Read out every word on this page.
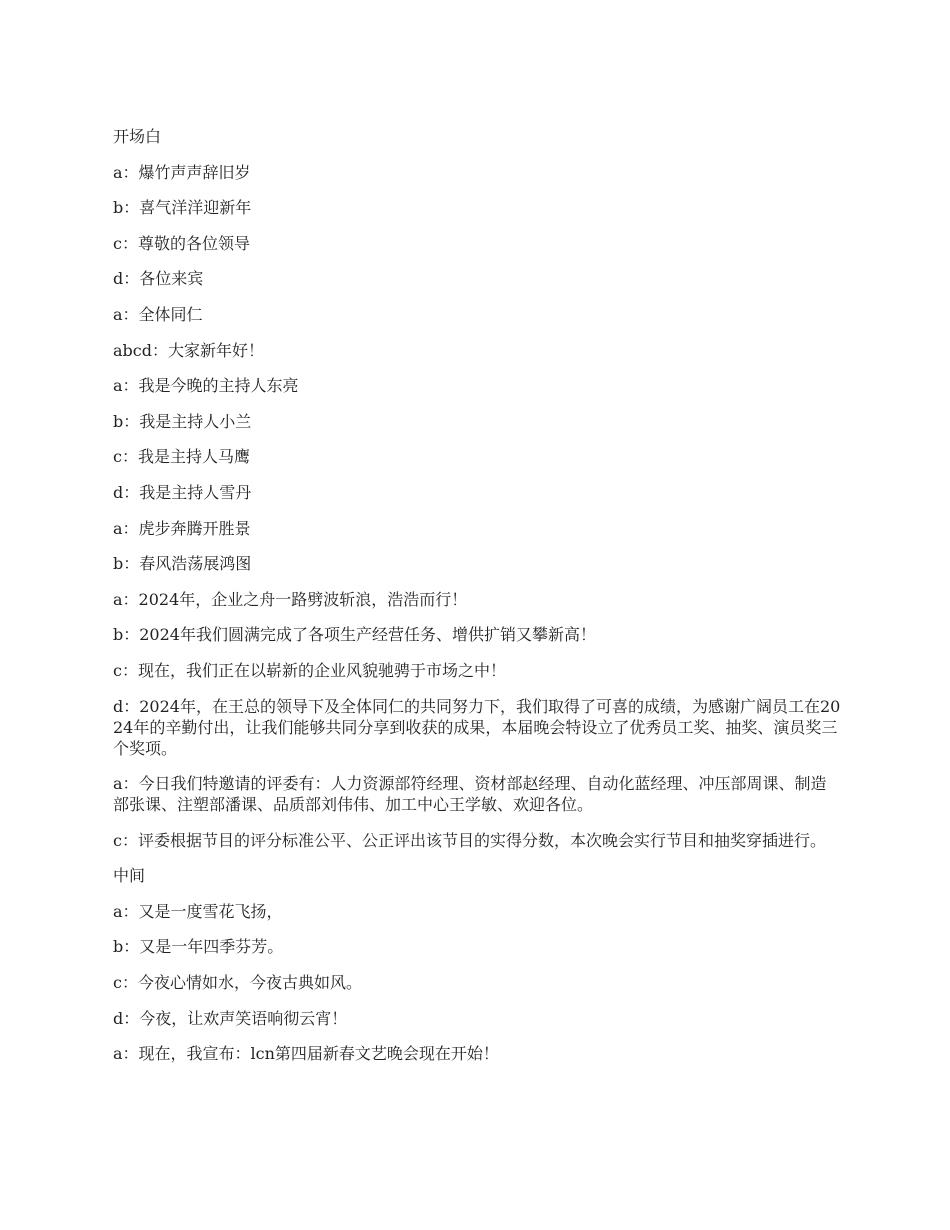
开场白

a：爆竹声声辞旧岁

b：喜气洋洋迎新年

c：尊敬的各位领导

d：各位来宾

a：全体同仁

abcd：大家新年好！

a：我是今晚的主持人东亮

b：我是主持人小兰

c：我是主持人马鹰

d：我是主持人雪丹

a：虎步奔腾开胜景

b：春风浩荡展鸿图

a：2024年，企业之舟一路劈波斩浪，浩浩而行！

b：2024年我们圆满完成了各项生产经营任务、增供扩销又攀新高！

c：现在，我们正在以崭新的企业风貌驰骋于市场之中！

d：2024年，在王总的领导下及全体同仁的共同努力下，我们取得了可喜的成绩，为感谢广阔员工在2024年的辛勤付出，让我们能够共同分享到收获的成果，本届晚会特设立了优秀员工奖、抽奖、演员奖三个奖项。

a：今日我们特邀请的评委有：人力资源部符经理、资材部赵经理、自动化蓝经理、冲压部周课、制造部张课、注塑部潘课、品质部刘伟伟、加工中心王学敏、欢迎各位。

c：评委根据节目的评分标准公平、公正评出该节目的实得分数，本次晚会实行节目和抽奖穿插进行。

中间

a：又是一度雪花飞扬，

b：又是一年四季芬芳。

c：今夜心情如水，今夜古典如风。

d：今夜，让欢声笑语响彻云宵！

a：现在，我宣布：lcn第四届新春文艺晚会现在开始！
